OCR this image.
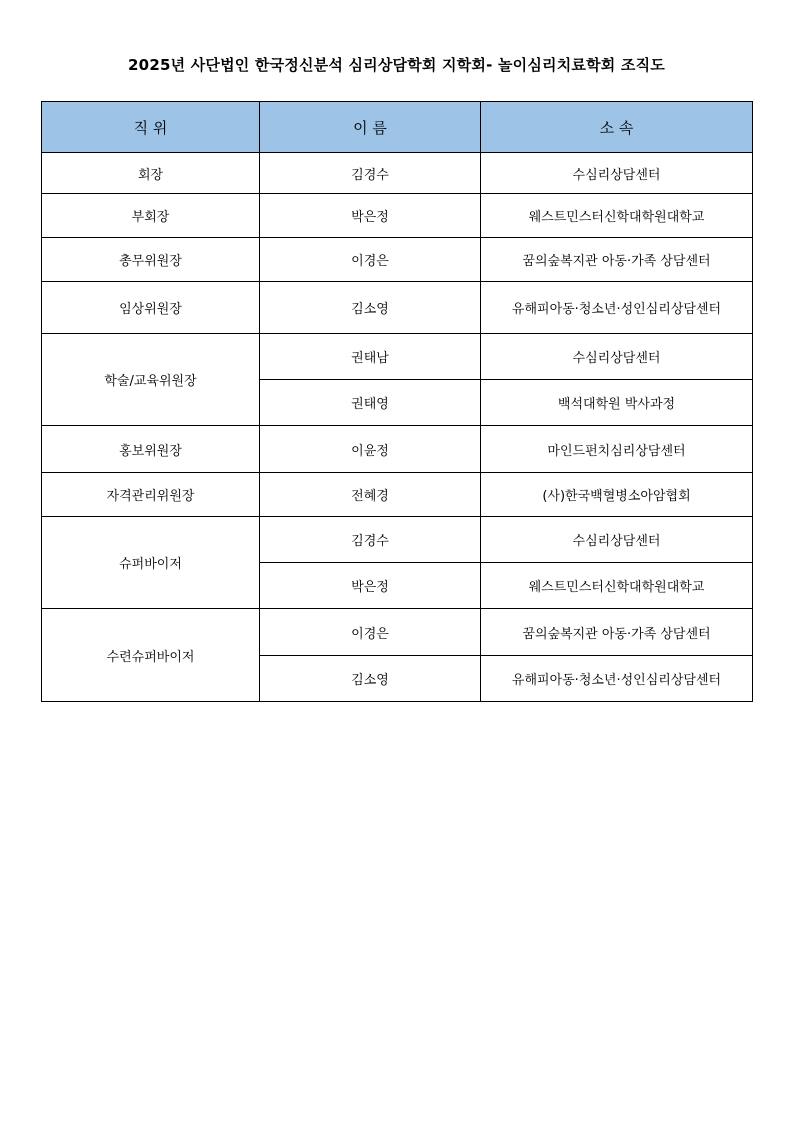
2025년 사단법인 한국정신분석 심리상담학회 지학회- 놀이심리치료학회 조직도
직 위	이 름	소 속
회장	김경수	수심리상담센터
부회장	박은정	웨스트민스터신학대학원대학교
총무위원장	이경은	꿈의숲복지관 아동·가족 상담센터
임상위원장	김소영	유해피아동·청소년·성인심리상담센터
학술/교육위원장	권태남	수심리상담센터
	권태영	백석대학원 박사과정
홍보위원장	이윤정	마인드펀치심리상담센터
자격관리위원장	전혜경	(사)한국백혈병소아암협회
슈퍼바이저	김경수	수심리상담센터
	박은정	웨스트민스터신학대학원대학교
수련슈퍼바이저	이경은	꿈의숲복지관 아동·가족 상담센터
	김소영	유해피아동·청소년·성인심리상담센터
